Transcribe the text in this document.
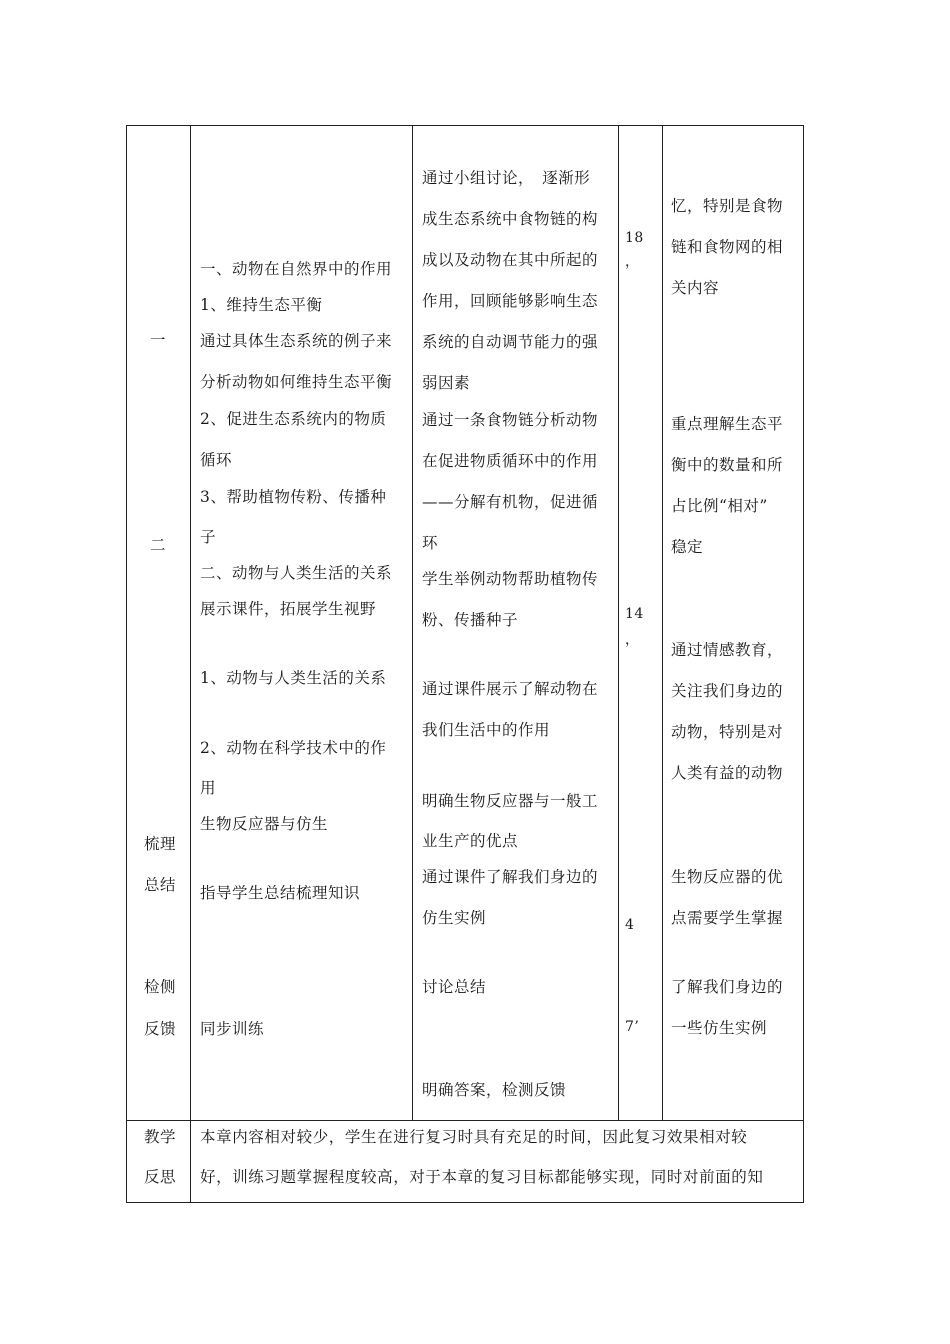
一
二
梳理
总结
检侧
反馈
一、动物在自然界中的作用
1、维持生态平衡
通过具体生态系统的例子来
分析动物如何维持生态平衡
2、促进生态系统内的物质
循环
3、帮助植物传粉、传播种
子
二、动物与人类生活的关系
展示课件，拓展学生视野
1、动物与人类生活的关系
2、动物在科学技术中的作
用
生物反应器与仿生
指导学生总结梳理知识
同步训练
通过小组讨论，　逐渐形
成生态系统中食物链的构
成以及动物在其中所起的
作用，回顾能够影响生态
系统的自动调节能力的强
弱因素
通过一条食物链分析动物
在促进物质循环中的作用
——分解有机物，促进循
环
学生举例动物帮助植物传
粉、传播种子
通过课件展示了解动物在
我们生活中的作用
明确生物反应器与一般工
业生产的优点
通过课件了解我们身边的
仿生实例
讨论总结
明确答案，检测反馈
18
，
14
，
4
7’
忆，特别是食物
链和食物网的相
关内容
重点理解生态平
衡中的数量和所
占比例“相对”
稳定
通过情感教育，
关注我们身边的
动物，特别是对
人类有益的动物
生物反应器的优
点需要学生掌握
了解我们身边的
一些仿生实例
教学
反思
本章内容相对较少，学生在进行复习时具有充足的时间，因此复习效果相对较
好，训练习题掌握程度较高，对于本章的复习目标都能够实现，同时对前面的知
